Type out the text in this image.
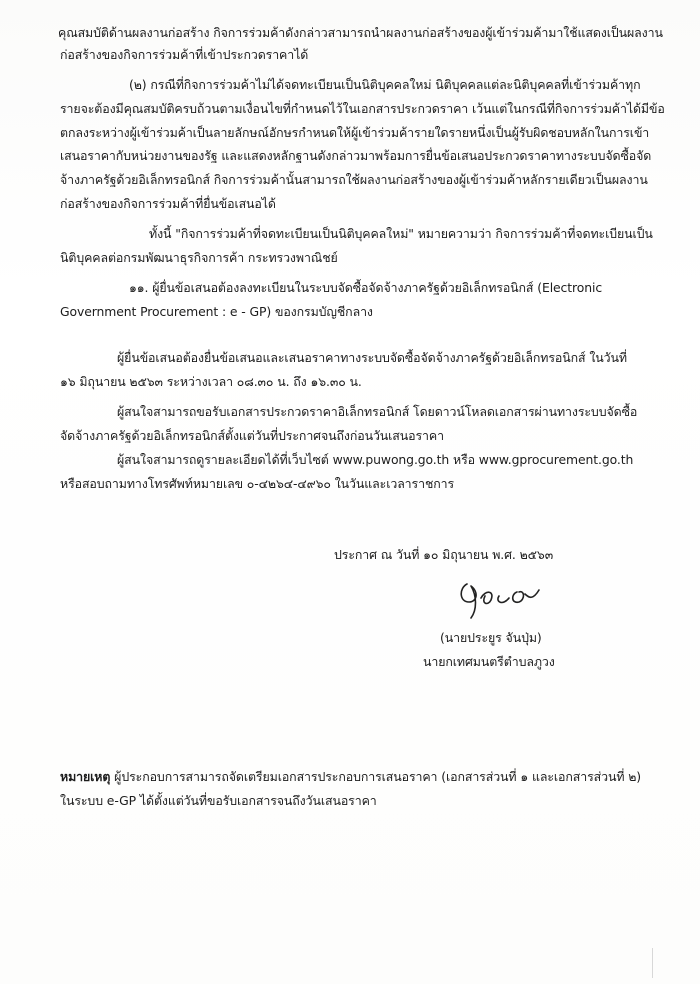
คุณสมบัติด้านผลงานก่อสร้าง กิจการร่วมค้าดังกล่าวสามารถนำผลงานก่อสร้างของผู้เข้าร่วมค้ามาใช้แสดงเป็นผลงาน
ก่อสร้างของกิจการร่วมค้าที่เข้าประกวดราคาได้
(๒) กรณีที่กิจการร่วมค้าไม่ได้จดทะเบียนเป็นนิติบุคคลใหม่ นิติบุคคลแต่ละนิติบุคคลที่เข้าร่วมค้าทุก
รายจะต้องมีคุณสมบัติครบถ้วนตามเงื่อนไขที่กำหนดไว้ในเอกสารประกวดราคา เว้นแต่ในกรณีที่กิจการร่วมค้าได้มีข้อ
ตกลงระหว่างผู้เข้าร่วมค้าเป็นลายลักษณ์อักษรกำหนดให้ผู้เข้าร่วมค้ารายใดรายหนึ่งเป็นผู้รับผิดชอบหลักในการเข้า
เสนอราคากับหน่วยงานของรัฐ และแสดงหลักฐานดังกล่าวมาพร้อมการยื่นข้อเสนอประกวดราคาทางระบบจัดซื้อจัด
จ้างภาครัฐด้วยอิเล็กทรอนิกส์ กิจการร่วมค้านั้นสามารถใช้ผลงานก่อสร้างของผู้เข้าร่วมค้าหลักรายเดียวเป็นผลงาน
ก่อสร้างของกิจการร่วมค้าที่ยื่นข้อเสนอได้
ทั้งนี้ "กิจการร่วมค้าที่จดทะเบียนเป็นนิติบุคคลใหม่" หมายความว่า กิจการร่วมค้าที่จดทะเบียนเป็น
นิติบุคคลต่อกรมพัฒนาธุรกิจการค้า กระทรวงพาณิชย์
๑๑. ผู้ยื่นข้อเสนอต้องลงทะเบียนในระบบจัดซื้อจัดจ้างภาครัฐด้วยอิเล็กทรอนิกส์ (Electronic
Government Procurement : e - GP) ของกรมบัญชีกลาง
ผู้ยื่นข้อเสนอต้องยื่นข้อเสนอและเสนอราคาทางระบบจัดซื้อจัดจ้างภาครัฐด้วยอิเล็กทรอนิกส์ ในวันที่
๑๖ มิถุนายน ๒๕๖๓ ระหว่างเวลา ๐๘.๓๐ น. ถึง ๑๖.๓๐ น.
ผู้สนใจสามารถขอรับเอกสารประกวดราคาอิเล็กทรอนิกส์ โดยดาวน์โหลดเอกสารผ่านทางระบบจัดซื้อ
จัดจ้างภาครัฐด้วยอิเล็กทรอนิกส์ตั้งแต่วันที่ประกาศจนถึงก่อนวันเสนอราคา
ผู้สนใจสามารถดูรายละเอียดได้ที่เว็บไซต์ www.puwong.go.th หรือ www.gprocurement.go.th
หรือสอบถามทางโทรศัพท์หมายเลข ๐-๔๒๖๔-๔๙๖๐ ในวันและเวลาราชการ
ประกาศ ณ วันที่ ๑๐ มิถุนายน พ.ศ. ๒๕๖๓
(นายประยูร จันปุ่ม)
นายกเทศมนตรีตำบลภูวง
หมายเหตุ ผู้ประกอบการสามารถจัดเตรียมเอกสารประกอบการเสนอราคา (เอกสารส่วนที่ ๑ และเอกสารส่วนที่ ๒)
ในระบบ e-GP ได้ตั้งแต่วันที่ขอรับเอกสารจนถึงวันเสนอราคา
